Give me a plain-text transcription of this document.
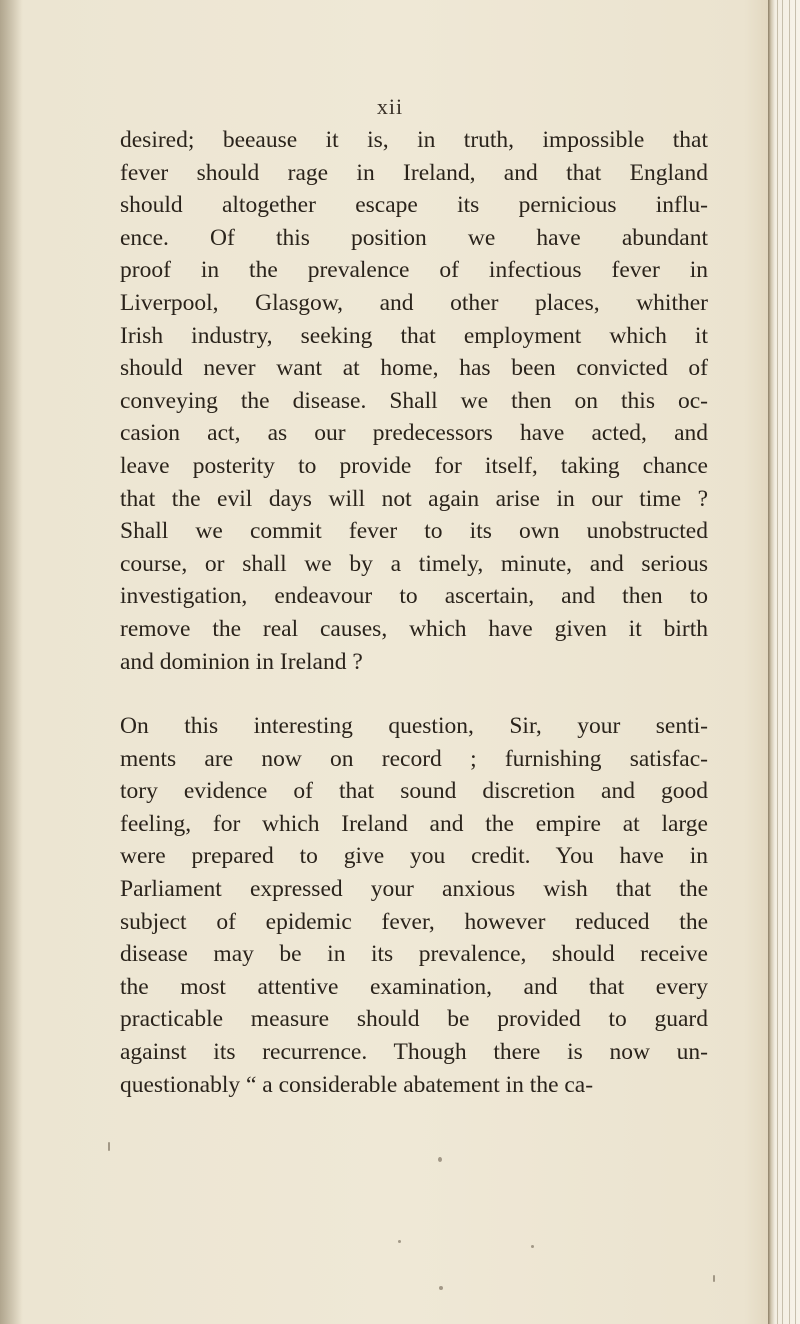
xii
desired; beeause it is, in truth, impossible that
fever should rage in Ireland, and that England
should altogether escape its pernicious influ-
ence. Of this position we have abundant
proof in the prevalence of infectious fever in
Liverpool, Glasgow, and other places, whither
Irish industry, seeking that employment which it
should never want at home, has been convicted of
conveying the disease. Shall we then on this oc-
casion act, as our predecessors have acted, and
leave posterity to provide for itself, taking chance
that the evil days will not again arise in our time ?
Shall we commit fever to its own unobstructed
course, or shall we by a timely, minute, and serious
investigation, endeavour to ascertain, and then to
remove the real causes, which have given it birth
and dominion in Ireland ?
On this interesting question, Sir, your senti-
ments are now on record ; furnishing satisfac-
tory evidence of that sound discretion and good
feeling, for which Ireland and the empire at large
were prepared to give you credit. You have in
Parliament expressed your anxious wish that the
subject of epidemic fever, however reduced the
disease may be in its prevalence, should receive
the most attentive examination, and that every
practicable measure should be provided to guard
against its recurrence. Though there is now un-
questionably “ a considerable abatement in the ca-
